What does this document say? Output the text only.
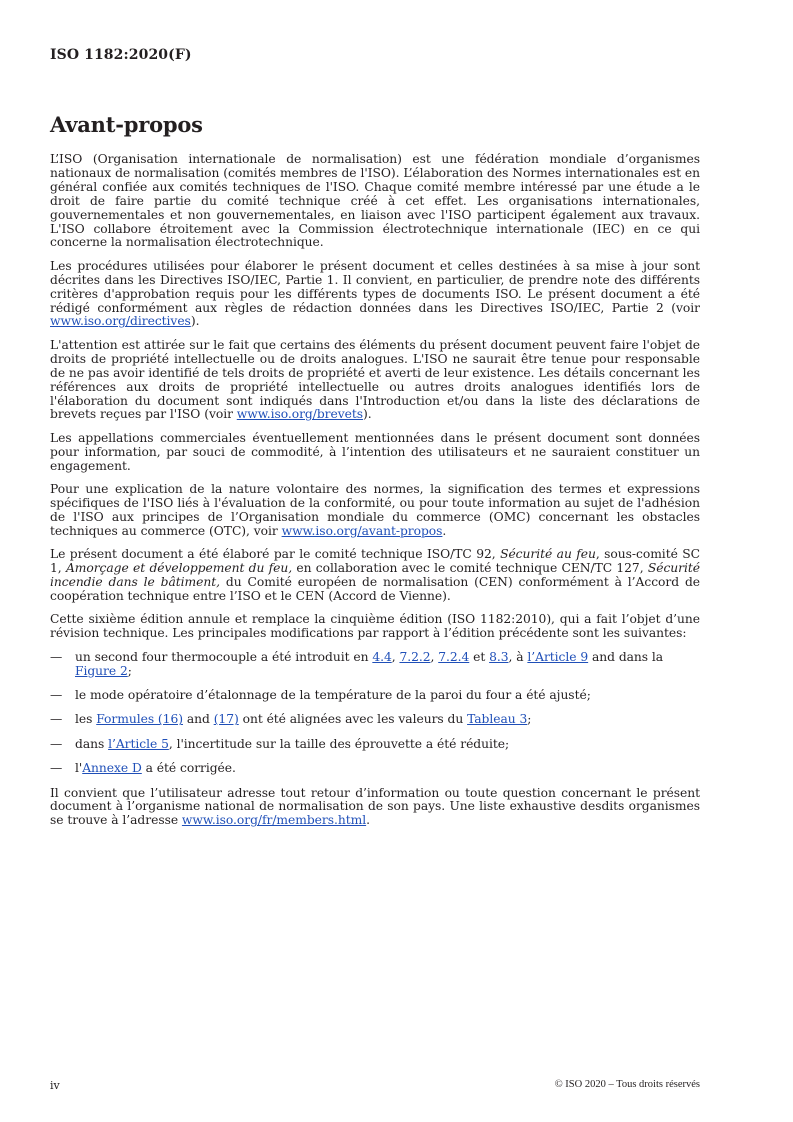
ISO 1182:2020(F)
Avant-propos

L’ISO (Organisation internationale de normalisation) est une fédération mondiale d’organismes nationaux de normalisation (comités membres de l'ISO). L’élaboration des Normes internationales est en général confiée aux comités techniques de l'ISO. Chaque comité membre intéressé par une étude a le droit de faire partie du comité technique créé à cet effet. Les organisations internationales, gouvernementales et non gouvernementales, en liaison avec l'ISO participent également aux travaux. L'ISO collabore étroitement avec la Commission électrotechnique internationale (IEC) en ce qui concerne la normalisation électrotechnique.

Les procédures utilisées pour élaborer le présent document et celles destinées à sa mise à jour sont décrites dans les Directives ISO/IEC, Partie 1. Il convient, en particulier, de prendre note des différents critères d'approbation requis pour les différents types de documents ISO. Le présent document a été rédigé conformément aux règles de rédaction données dans les Directives ISO/IEC, Partie 2 (voir www.iso.org/directives).

L'attention est attirée sur le fait que certains des éléments du présent document peuvent faire l'objet de droits de propriété intellectuelle ou de droits analogues. L'ISO ne saurait être tenue pour responsable de ne pas avoir identifié de tels droits de propriété et averti de leur existence. Les détails concernant les références aux droits de propriété intellectuelle ou autres droits analogues identifiés lors de l'élaboration du document sont indiqués dans l'Introduction et/ou dans la liste des déclarations de brevets reçues par l'ISO (voir www.iso.org/brevets).

Les appellations commerciales éventuellement mentionnées dans le présent document sont données pour information, par souci de commodité, à l’intention des utilisateurs et ne sauraient constituer un engagement.

Pour une explication de la nature volontaire des normes, la signification des termes et expressions spécifiques de l'ISO liés à l'évaluation de la conformité, ou pour toute information au sujet de l'adhésion de l'ISO aux principes de l’Organisation mondiale du commerce (OMC) concernant les obstacles techniques au commerce (OTC), voir www.iso.org/avant-propos.

Le présent document a été élaboré par le comité technique ISO/TC 92, Sécurité au feu, sous-comité SC 1, Amorçage et développement du feu, en collaboration avec le comité technique CEN/TC 127, Sécurité incendie dans le bâtiment, du Comité européen de normalisation (CEN) conformément à l’Accord de coopération technique entre l’ISO et le CEN (Accord de Vienne).

Cette sixième édition annule et remplace la cinquième édition (ISO 1182:2010), qui a fait l’objet d’une révision technique. Les principales modifications par rapport à l’édition précédente sont les suivantes:

— un second four thermocouple a été introduit en 4.4, 7.2.2, 7.2.4 et 8.3, à l’Article 9 and dans la Figure 2;
— le mode opératoire d’étalonnage de la température de la paroi du four a été ajusté;
— les Formules (16) and (17) ont été alignées avec les valeurs du Tableau 3;
— dans l’Article 5, l'incertitude sur la taille des éprouvette a été réduite;
— l'Annexe D a été corrigée.

Il convient que l’utilisateur adresse tout retour d’information ou toute question concernant le présent document à l’organisme national de normalisation de son pays. Une liste exhaustive desdits organismes se trouve à l’adresse www.iso.org/fr/members.html.

iv	© ISO 2020 – Tous droits réservés
